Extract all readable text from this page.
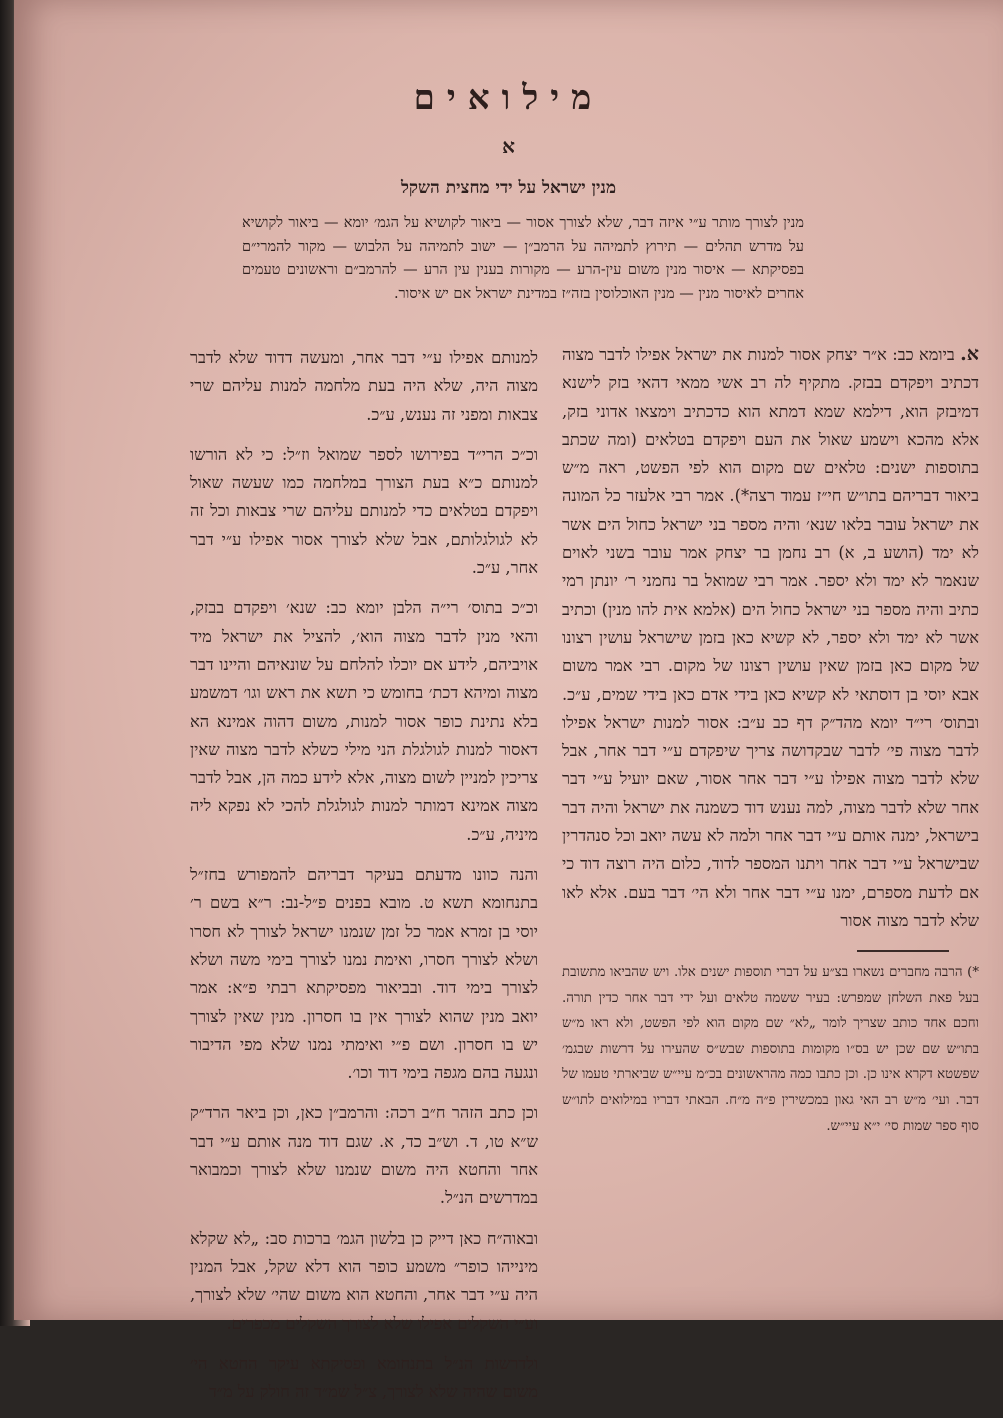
מילואים
א
מנין ישראל על ידי מחצית השקל
מנין לצורך מותר ע״י איזה דבר, שלא לצורך אסור — ביאור לקושיא על הגמ׳ יומא — ביאור לקושיא על מדרש תהלים — תירוץ לתמיהה על הרמב״ן — ישוב לתמיהה על הלבוש — מקור להמרי״ם בפסיקתא — איסור מנין משום עין-הרע — מקורות בענין עין הרע — להרמב״ם וראשונים טעמים אחרים לאיסור מנין — מנין האוכלוסין בזה״ז במדינת ישראל אם יש איסור.
א. ביומא כב: א״ר יצחק אסור למנות את ישראל אפילו לדבר מצוה דכתיב ויפקדם בבזק. מתקיף לה רב אשי ממאי דהאי בזק לישנא דמיבזק הוא, דילמא שמא דמתא הוא כדכתיב וימצאו אדוני בזק, אלא מהכא וישמע שאול את העם ויפקדם בטלאים (ומה שכתב בתוספות ישנים: טלאים שם מקום הוא לפי הפשט, ראה מ״ש ביאור דבריהם בתו״ש חי״ז עמוד רצה*). אמר רבי אלעזר כל המונה את ישראל עובר בלאו שנא׳ והיה מספר בני ישראל כחול הים אשר לא ימד (הושע ב, א) רב נחמן בר יצחק אמר עובר בשני לאוים שנאמר לא ימד ולא יספר. אמר רבי שמואל בר נחמני ר׳ יונתן רמי כתיב והיה מספר בני ישראל כחול הים (אלמא אית להו מנין) וכתיב אשר לא ימד ולא יספר, לא קשיא כאן בזמן שישראל עושין רצונו של מקום כאן בזמן שאין עושין רצונו של מקום. רבי אמר משום אבא יוסי בן דוסתאי לא קשיא כאן בידי אדם כאן בידי שמים, ע״כ. ובתוס׳ רי״ד יומא מהד״ק דף כב ע״ב: אסור למנות ישראל אפילו לדבר מצוה פי׳ לדבר שבקדושה צריך שיפקדם ע״י דבר אחר, אבל שלא לדבר מצוה אפילו ע״י דבר אחר אסור, שאם יועיל ע״י דבר אחר שלא לדבר מצוה, למה נענש דוד כשמנה את ישראל והיה דבר בישראל, ימנה אותם ע״י דבר אחר ולמה לא עשה יואב וכל סנהדרין שבישראל ע״י דבר אחר ויתנו המספר לדוד, כלום היה רוצה דוד כי אם לדעת מספרם, ימנו ע״י דבר אחר ולא הי׳ דבר בעם. אלא לאו שלא לדבר מצוה אסור

למנותם אפילו ע״י דבר אחר, ומעשה דדוד שלא לדבר מצוה היה, שלא היה בעת מלחמה למנות עליהם שרי צבאות ומפני זה נענש, ע״כ.

וכ״כ הרי״ד בפירושו לספר שמואל וז״ל: כי לא הורשו למנותם כ״א בעת הצורך במלחמה כמו שעשה שאול ויפקדם בטלאים כדי למנותם עליהם שרי צבאות וכל זה לא לגולגלותם, אבל שלא לצורך אסור אפילו ע״י דבר אחר, ע״כ.

וכ״כ בתוס׳ רי״ה הלבן יומא כב: שנא׳ ויפקדם בבזק, והאי מנין לדבר מצוה הוא׳, להציל את ישראל מיד אויביהם, לידע אם יוכלו להלחם על שונאיהם והיינו דבר מצוה ומיהא דכת׳ בחומש כי תשא את ראש וגו׳ דמשמע בלא נתינת כופר אסור למנות, משום דהוה אמינא הא דאסור למנות לגולגלת הני מילי כשלא לדבר מצוה שאין צריכין למניין לשום מצוה, אלא לידע כמה הן, אבל לדבר מצוה אמינא דמותר למנות לגולגלת להכי לא נפקא ליה מיניה, ע״כ.

והנה כוונו מדעתם בעיקר דבריהם להמפורש בחז״ל בתנחומא תשא ט. מובא בפנים פ״ל-נב: ר״א בשם ר׳ יוסי בן זמרא אמר כל זמן שנמנו ישראל לצורך לא חסרו ושלא לצורך חסרו, ואימת נמנו לצורך בימי משה ושלא לצורך בימי דוד. ובביאור מפסיקתא רבתי פ״א: אמר יואב מנין שהוא לצורך אין בו חסרון. מנין שאין לצורך יש בו חסרון. ושם פ״י ואימתי נמנו שלא מפי הדיבור ונגעה בהם מגפה בימי דוד וכו׳.

וכן כתב הזהר ח״ב רכה: והרמב״ן כאן, וכן ביאר הרד״ק ש״א טו, ד. וש״ב כד, א. שגם דוד מנה אותם ע״י דבר אחר והחטא היה משום שנמנו שלא לצורך וכמבואר במדרשים הנ״ל.

ובאוה״ח כאן דייק כן בלשון הגמ׳ ברכות סב: „לא שקלא מינייהו כופר״ משמע כופר הוא דלא שקל, אבל המנין היה ע״י דבר אחר, והחטא הוא משום שהי׳ שלא לצורך, וע״י השקלים אפילו שלא לצורך השקלים מכפרים.

ולדרשות הנ״ל בתנחומא ופסיקתא עיקר החטא הי׳ משום שהיה שלא לצורך, צ״ל שמ״ד זה חולק על מ״ד

*) הרבה מחברים נשארו בצ״ע על דברי תוספות ישנים אלו. ויש שהביאו מתשובת בעל פאת השלחן שמפרש: בעיר ששמה טלאים ועל ידי דבר אחר כדין תורה. וחכם אחד כותב שצריך לומר „לא״ שם מקום הוא לפי הפשט, ולא ראו מ״ש בתו״ש שם שכן יש בס״ו מקומות בתוספות שבש״ס שהעירו על דרשות שבגמ׳ שפשטא דקרא אינו כן. וכן כתבו כמה מהראשונים בכ״מ עיי״ש שביארתי טעמו של דבר. ועי׳ מ״ש רב האי גאון במכשירין פ״ה מ״ח. הבאתי דבריו במילואים לתו״ש סוף ספר שמות סי׳ י״א עיי״ש.
